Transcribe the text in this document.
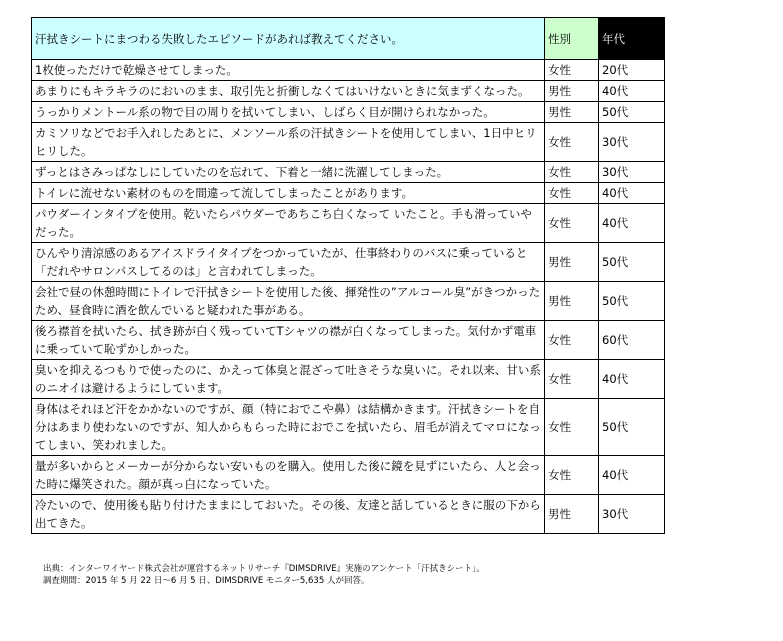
汗拭きシートにまつわる失敗したエピソードがあれば教えてください。	性別	年代
1枚使っただけで乾燥させてしまった。	女性	20代
あまりにもキラキラのにおいのまま、取引先と折衝しなくてはいけないときに気まずくなった。	男性	40代
うっかりメントール系の物で目の周りを拭いてしまい、しばらく目が開けられなかった。	男性	50代
カミソリなどでお手入れしたあとに、メンソール系の汗拭きシートを使用してしまい、1日中ヒリヒリした。	女性	30代
ずっとはさみっぱなしにしていたのを忘れて、下着と一緒に洗濯してしまった。	女性	30代
トイレに流せない素材のものを間違って流してしまったことがあります。	女性	40代
パウダーインタイプを使用。乾いたらパウダーであちこち白くなって いたこと。手も滑っていやだった。	女性	40代
ひんやり清涼感のあるアイスドライタイプをつかっていたが、仕事終わりのバスに乗っていると「だれやサロンパスしてるのは」と言われてしまった。	男性	50代
会社で昼の休憩時間にトイレで汗拭きシートを使用した後、揮発性の”アルコール臭”がきつかったため、昼食時に酒を飲んでいると疑われた事がある。	男性	50代
後ろ襟首を拭いたら、拭き跡が白く残っていてTシャツの襟が白くなってしまった。気付かず電車に乗っていて恥ずかしかった。	女性	60代
臭いを抑えるつもりで使ったのに、かえって体臭と混ざって吐きそうな臭いに。それ以来、甘い系のニオイは避けるようにしています。	女性	40代
身体はそれほど汗をかかないのですが、顔（特におでこや鼻）は結構かきます。汗拭きシートを自分はあまり使わないのですが、知人からもらった時におでこを拭いたら、眉毛が消えてマロになってしまい、笑われました。	女性	50代
量が多いからとメーカーが分からない安いものを購入。使用した後に鏡を見ずにいたら、人と会った時に爆笑された。顔が真っ白になっていた。	女性	40代
冷たいので、使用後も貼り付けたままにしておいた。その後、友達と話しているときに服の下から出てきた。	男性	30代
出典：インターワイヤード株式会社が運営するネットリサーチ『DIMSDRIVE』実施のアンケート「汗拭きシート」。
調査期間：2015 年 5 月 22 日～6 月 5 日、DIMSDRIVE モニター5,635 人が回答。
